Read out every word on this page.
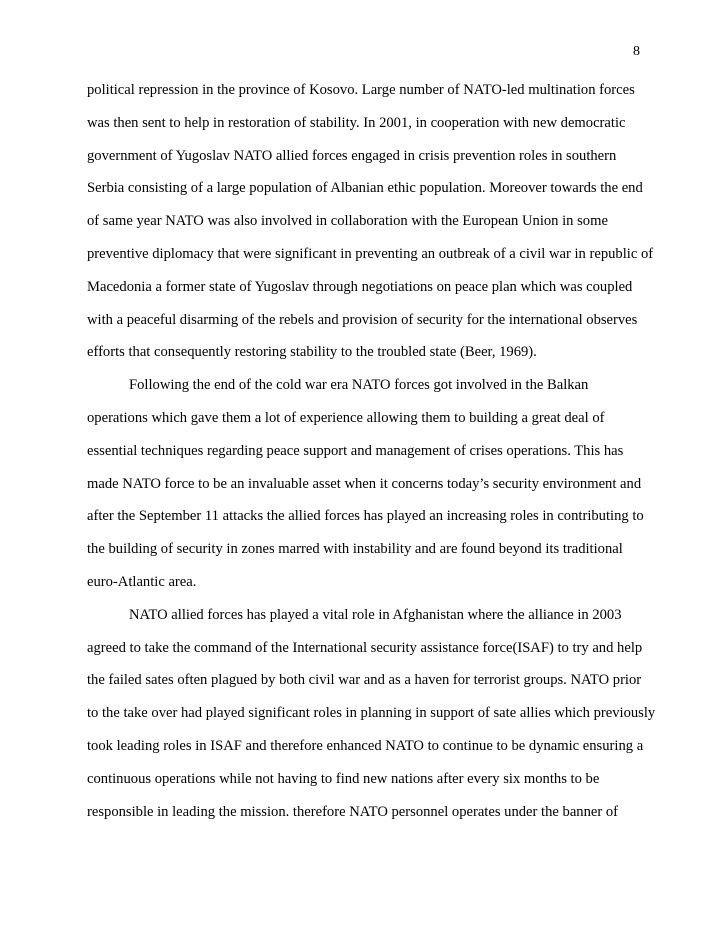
8
political repression in the province of Kosovo. Large number of NATO-led multination forces
was then sent to help in restoration of stability. In 2001, in cooperation with new democratic
government of Yugoslav NATO allied forces engaged in crisis prevention roles in southern
Serbia consisting of a large population of Albanian ethic population. Moreover towards the end
of same year NATO was also involved in collaboration with the European Union in some
preventive diplomacy that were significant in preventing an outbreak of a civil war in republic of
Macedonia a former state of Yugoslav through negotiations on peace plan which was coupled
with a peaceful disarming of the rebels and provision of security for the international observes
efforts that consequently restoring stability to the troubled state (Beer, 1969).
Following the end of the cold war era NATO forces got involved in the Balkan
operations which gave them a lot of experience allowing them to building a great deal of
essential techniques regarding peace support and management of crises operations. This has
made NATO force to be an invaluable asset when it concerns today’s security environment and
after the September 11 attacks the allied forces has played an increasing roles in contributing to
the building of security in zones marred with instability and are found beyond its traditional
euro-Atlantic area.
NATO allied forces has played a vital role in Afghanistan where the alliance in 2003
agreed to take the command of the International security assistance force(ISAF) to try and help
the failed sates often plagued by both civil war and as a haven for terrorist groups. NATO prior
to the take over had played significant roles in planning in support of sate allies which previously
took leading roles in ISAF and therefore enhanced NATO to continue to be dynamic ensuring a
continuous operations while not having to find new nations after every six months to be
responsible in leading the mission. therefore NATO personnel operates under the banner of
